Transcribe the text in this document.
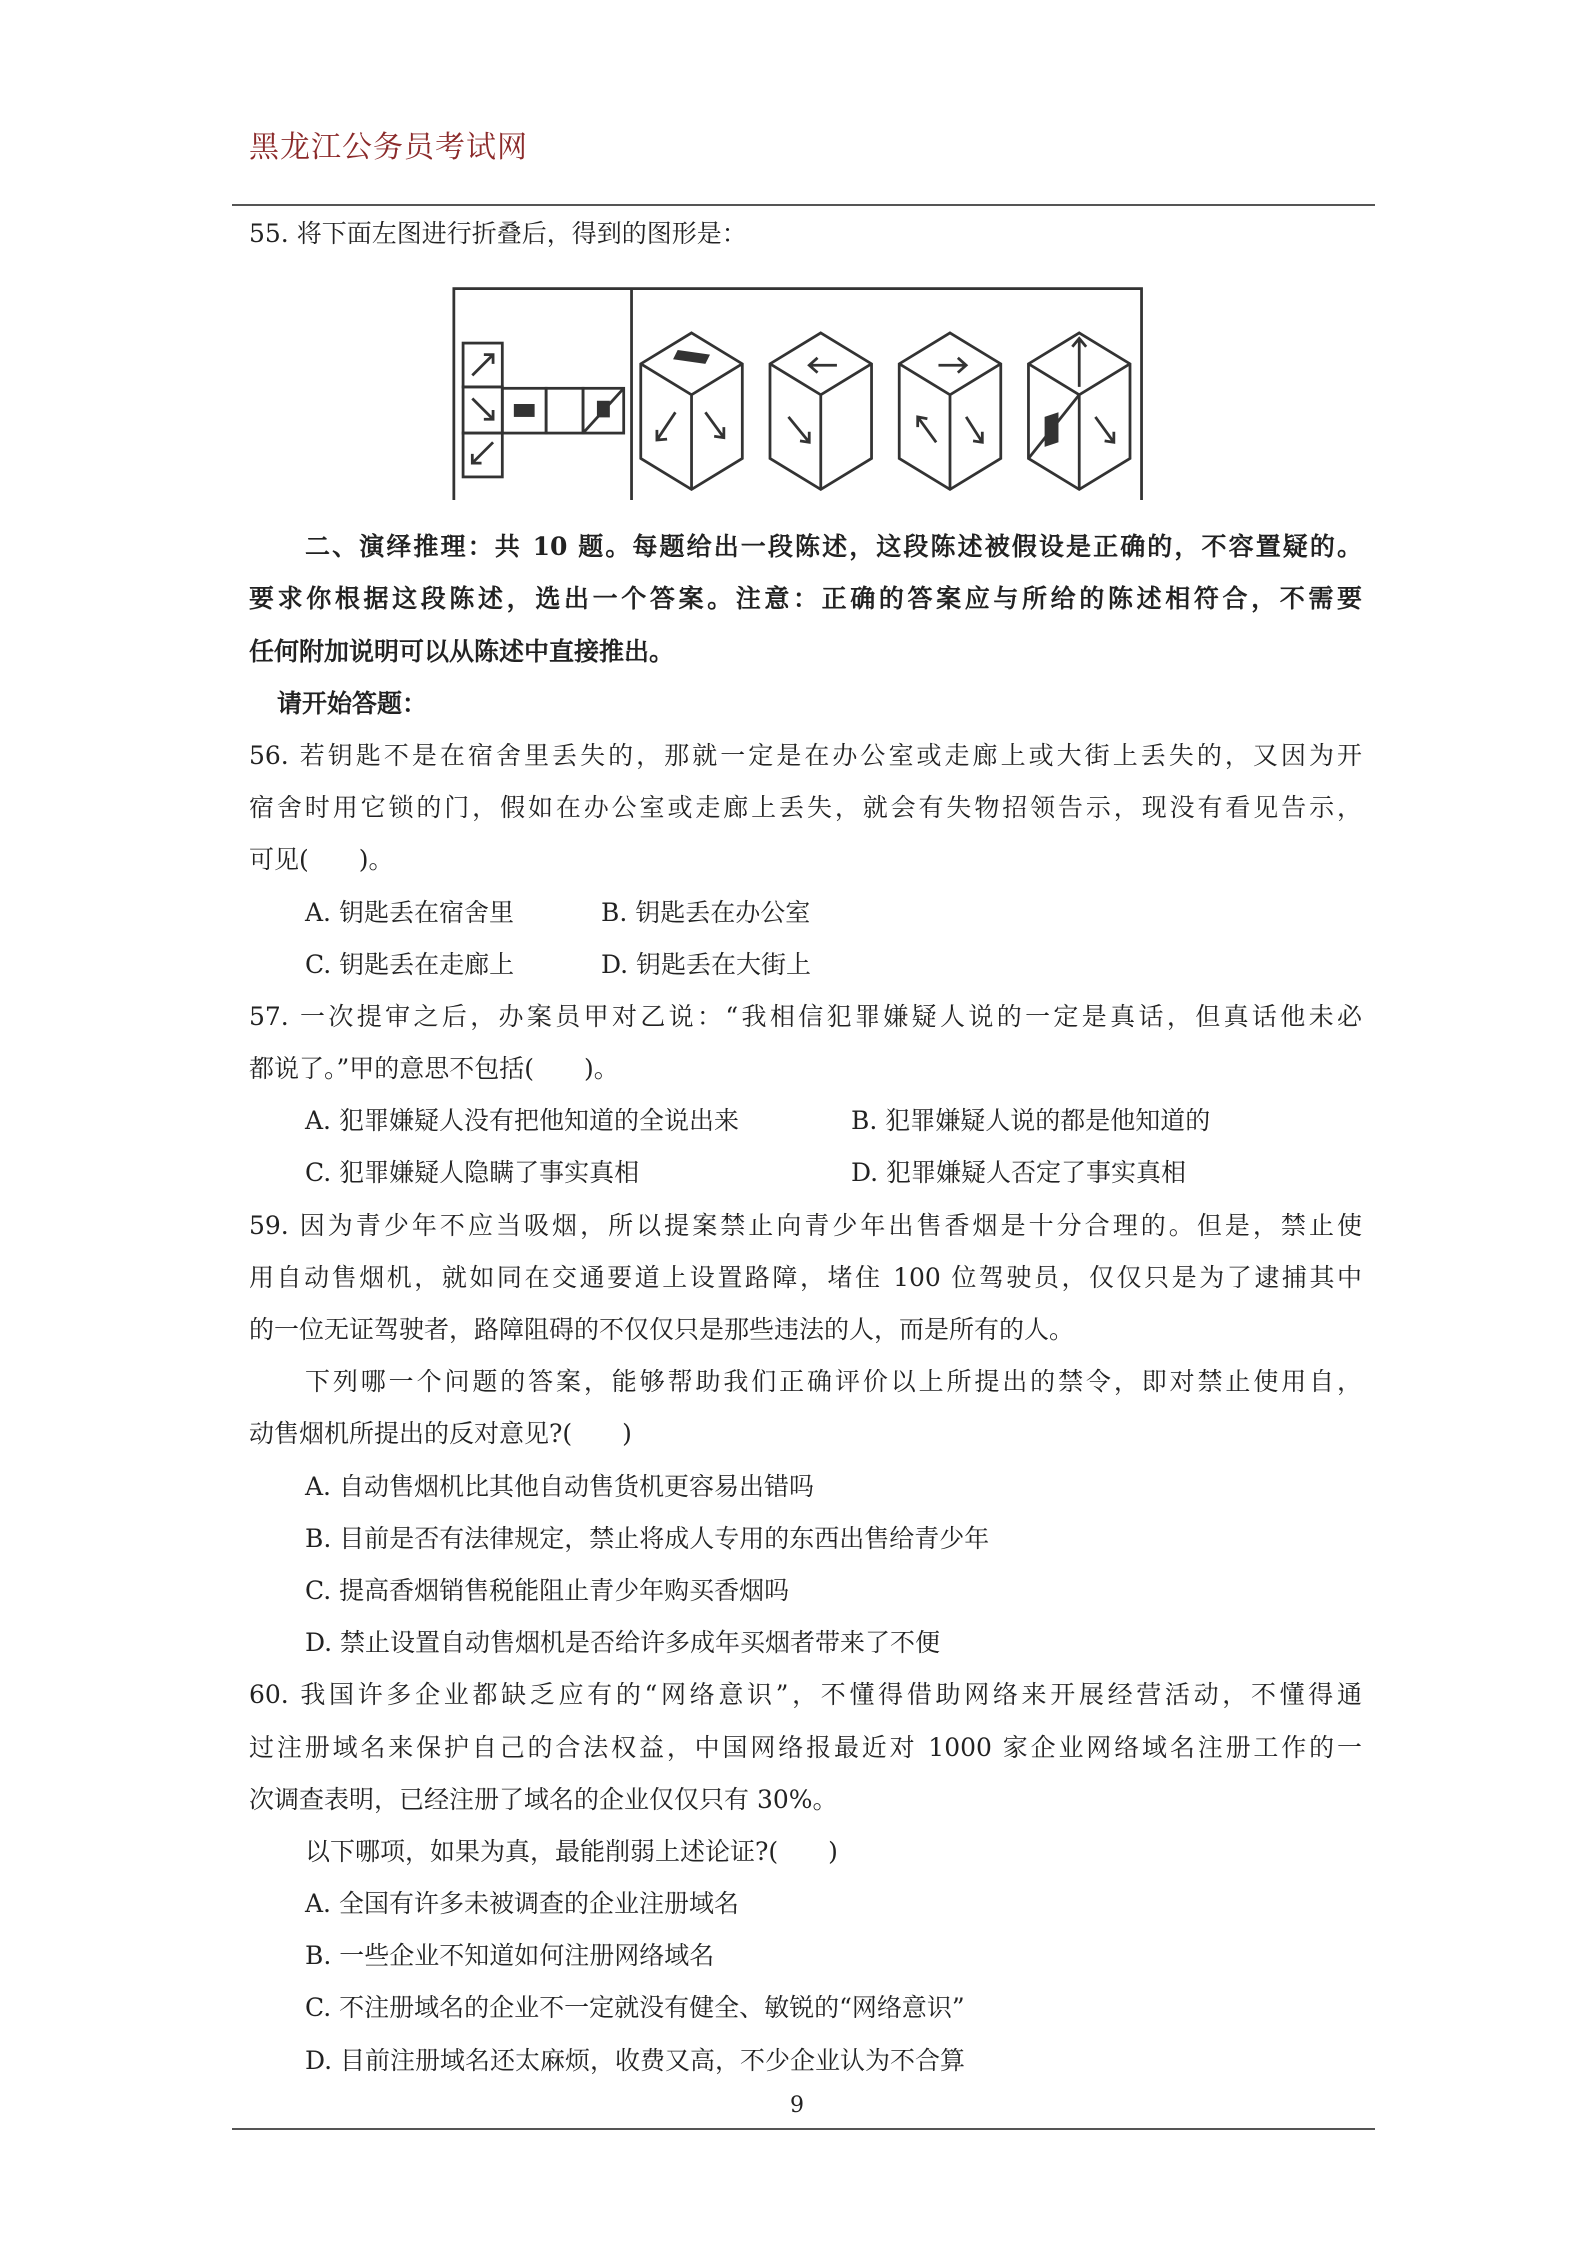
黑龙江公务员考试网
55. 将下面左图进行折叠后，得到的图形是：
二、演绎推理：共 10 题。每题给出一段陈述，这段陈述被假设是正确的，不容置疑的。
要求你根据这段陈述，选出一个答案。注意：正确的答案应与所给的陈述相符合，不需要
任何附加说明可以从陈述中直接推出。
请开始答题：
56. 若钥匙不是在宿舍里丢失的，那就一定是在办公室或走廊上或大街上丢失的，又因为开
宿舍时用它锁的门，假如在办公室或走廊上丢失，就会有失物招领告示，现没有看见告示，
可见(　　)。
A. 钥匙丢在宿舍里	B. 钥匙丢在办公室
C. 钥匙丢在走廊上	D. 钥匙丢在大街上
57. 一次提审之后，办案员甲对乙说：“我相信犯罪嫌疑人说的一定是真话，但真话他未必
都说了。”甲的意思不包括(　　)。
A. 犯罪嫌疑人没有把他知道的全说出来	B. 犯罪嫌疑人说的都是他知道的
C. 犯罪嫌疑人隐瞒了事实真相	D. 犯罪嫌疑人否定了事实真相
59. 因为青少年不应当吸烟，所以提案禁止向青少年出售香烟是十分合理的。但是，禁止使
用自动售烟机，就如同在交通要道上设置路障，堵住 100 位驾驶员，仅仅只是为了逮捕其中
的一位无证驾驶者，路障阻碍的不仅仅只是那些违法的人，而是所有的人。
下列哪一个问题的答案，能够帮助我们正确评价以上所提出的禁令，即对禁止使用自，
动售烟机所提出的反对意见?(　　)
A. 自动售烟机比其他自动售货机更容易出错吗
B. 目前是否有法律规定，禁止将成人专用的东西出售给青少年
C. 提高香烟销售税能阻止青少年购买香烟吗
D. 禁止设置自动售烟机是否给许多成年买烟者带来了不便
60. 我国许多企业都缺乏应有的“网络意识”，不懂得借助网络来开展经营活动，不懂得通
过注册域名来保护自己的合法权益，中国网络报最近对 1000 家企业网络域名注册工作的一
次调查表明，已经注册了域名的企业仅仅只有 30%。
以下哪项，如果为真，最能削弱上述论证?(　　)
A. 全国有许多未被调查的企业注册域名
B. 一些企业不知道如何注册网络域名
C. 不注册域名的企业不一定就没有健全、敏锐的“网络意识”
D. 目前注册域名还太麻烦，收费又高，不少企业认为不合算
9
